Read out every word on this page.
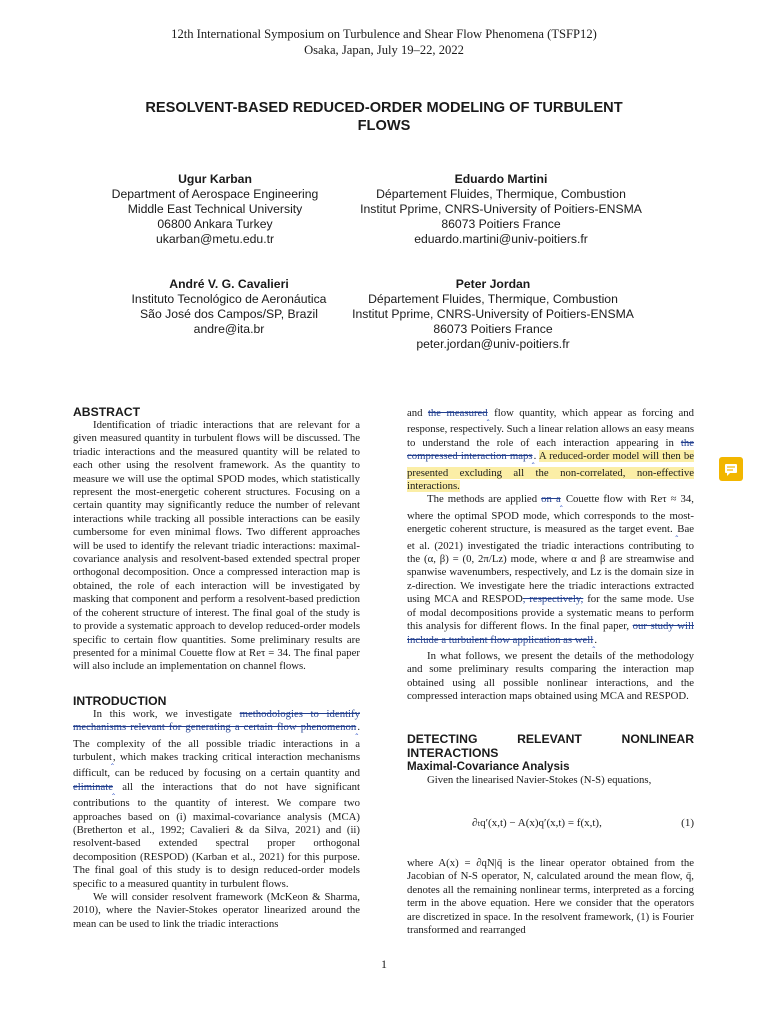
12th International Symposium on Turbulence and Shear Flow Phenomena (TSFP12)
Osaka, Japan, July 19–22, 2022
RESOLVENT-BASED REDUCED-ORDER MODELING OF TURBULENT
FLOWS
Ugur Karban
Department of Aerospace Engineering
Middle East Technical University
06800 Ankara Turkey
ukarban@metu.edu.tr
Eduardo Martini
Département Fluides, Thermique, Combustion
Institut Pprime, CNRS-University of Poitiers-ENSMA
86073 Poitiers France
eduardo.martini@univ-poitiers.fr
André V. G. Cavalieri
Instituto Tecnológico de Aeronáutica
São José dos Campos/SP, Brazil
andre@ita.br
Peter Jordan
Département Fluides, Thermique, Combustion
Institut Pprime, CNRS-University of Poitiers-ENSMA
86073 Poitiers France
peter.jordan@univ-poitiers.fr
ABSTRACT

Identification of triadic interactions that are relevant for a given measured quantity in turbulent flows will be discussed. The triadic interactions and the measured quantity will be related to each other using the resolvent framework. As the quantity to measure we will use the optimal SPOD modes, which statistically represent the most-energetic coherent structures. Focusing on a certain quantity may significantly reduce the number of relevant interactions while tracking all possible interactions can be easily cumbersome for even minimal flows. Two different approaches will be used to identify the relevant triadic interactions: maximal-covariance analysis and resolvent-based extended spectral proper orthogonal decomposition. Once a compressed interaction map is obtained, the role of each interaction will be investigated by masking that component and perform a resolvent-based prediction of the coherent structure of interest. The final goal of the study is to provide a systematic approach to develop reduced-order models specific to certain flow quantities. Some preliminary results are presented for a minimal Couette flow at Reτ = 34. The final paper will also include an implementation on channel flows.

INTRODUCTION

In this work, we investigate methodologies to identify mechanisms relevant for generating a certain flow phenomenon$_‸$. The complexity of the all possible triadic interactions in a turbulent$_‸$, which makes tracking critical interaction mechanisms difficult, can be reduced by focusing on a certain quantity and eliminate$_‸$ all the interactions that do not have significant contributions to the quantity of interest. We compare two approaches based on (i) maximal-covariance analysis (MCA) (Bretherton et al., 1992; Cavalieri & da Silva, 2021) and (ii) resolvent-based extended spectral proper orthogonal decomposition (RESPOD) (Karban et al., 2021) for this purpose. The final goal of this study is to design reduced-order models specific to a measured quantity in turbulent flows.

We will consider resolvent framework (McKeon & Sharma, 2010), where the Navier-Stokes operator linearized around the mean can be used to link the triadic interactions

and the measured$_‸$ flow quantity, which appear as forcing and response, respectively. Such a linear relation allows an easy means to understand the role of each interaction appearing in the compressed interaction maps$_‸$. A reduced-order model will then be presented excluding all the non-correlated, non-effective interactions.

The methods are applied on $a_‸$ Couette flow with Reτ ≈ 34, where the optimal SPOD mode, which corresponds to the most-energetic coherent structure, is measured as the target event. $_‸$Bae et al. (2021) investigated the triadic interactions contributing to the (α, β) = (0, 2π/Lz) mode, where α and β are streamwise and spanwise wavenumbers, respectively, and Lz is the domain size in z-direction. We investigate here the triadic interactions extracted using MCA and RESPOD, respectively, for the same mode. Use of modal decompositions provide a systematic means to perform this analysis for different flows. In the final paper, our study will include a turbulent flow application as well$_‸$.

In what follows, we present the details of the methodology and some preliminary results comparing the interaction map obtained using all possible nonlinear interactions, and the compressed interaction maps obtained using MCA and RESPOD.

DETECTING RELEVANT NONLINEAR INTERACTIONS
Maximal-Covariance Analysis

Given the linearised Navier-Stokes (N-S) equations,

∂ₜq′(x,t) − A(x)q′(x,t) = f(x,t),	(1)

where A(x) = ∂qN|q̄ is the linear operator obtained from the Jacobian of N-S operator, N, calculated around the mean flow, q̄, denotes all the remaining nonlinear terms, interpreted as a forcing term in the above equation. Here we consider that the operators are discretized in space. In the resolvent framework, (1) is Fourier transformed and rearranged

1
